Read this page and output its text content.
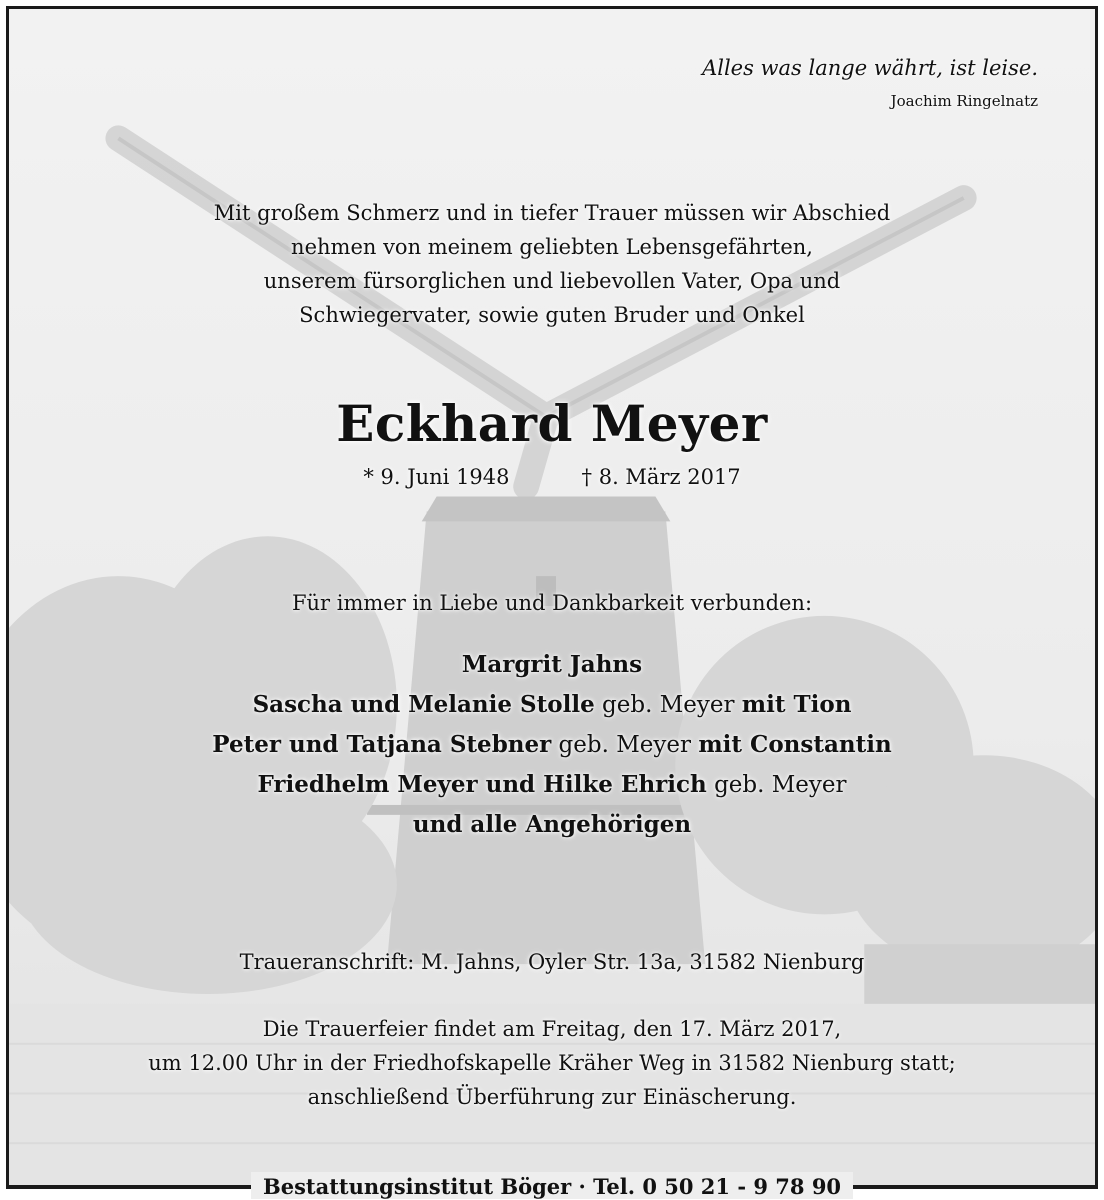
Alles was lange währt, ist leise.
Joachim Ringelnatz
Mit großem Schmerz und in tiefer Trauer müssen wir Abschied
nehmen von meinem geliebten Lebensgefährten,
unserem fürsorglichen und liebevollen Vater, Opa und
Schwiegervater, sowie guten Bruder und Onkel
Eckhard Meyer
* 9. Juni 1948	† 8. März 2017
Für immer in Liebe und Dankbarkeit verbunden:
Margrit Jahns
Sascha und Melanie Stolle geb. Meyer mit Tion
Peter und Tatjana Stebner geb. Meyer mit Constantin
Friedhelm Meyer und Hilke Ehrich geb. Meyer
und alle Angehörigen
Traueranschrift: M. Jahns, Oyler Str. 13a, 31582 Nienburg
Die Trauerfeier findet am Freitag, den 17. März 2017,
um 12.00 Uhr in der Friedhofskapelle Kräher Weg in 31582 Nienburg statt;
anschließend Überführung zur Einäscherung.
Bestattungsinstitut Böger · Tel. 0 50 21 - 9 78 90
